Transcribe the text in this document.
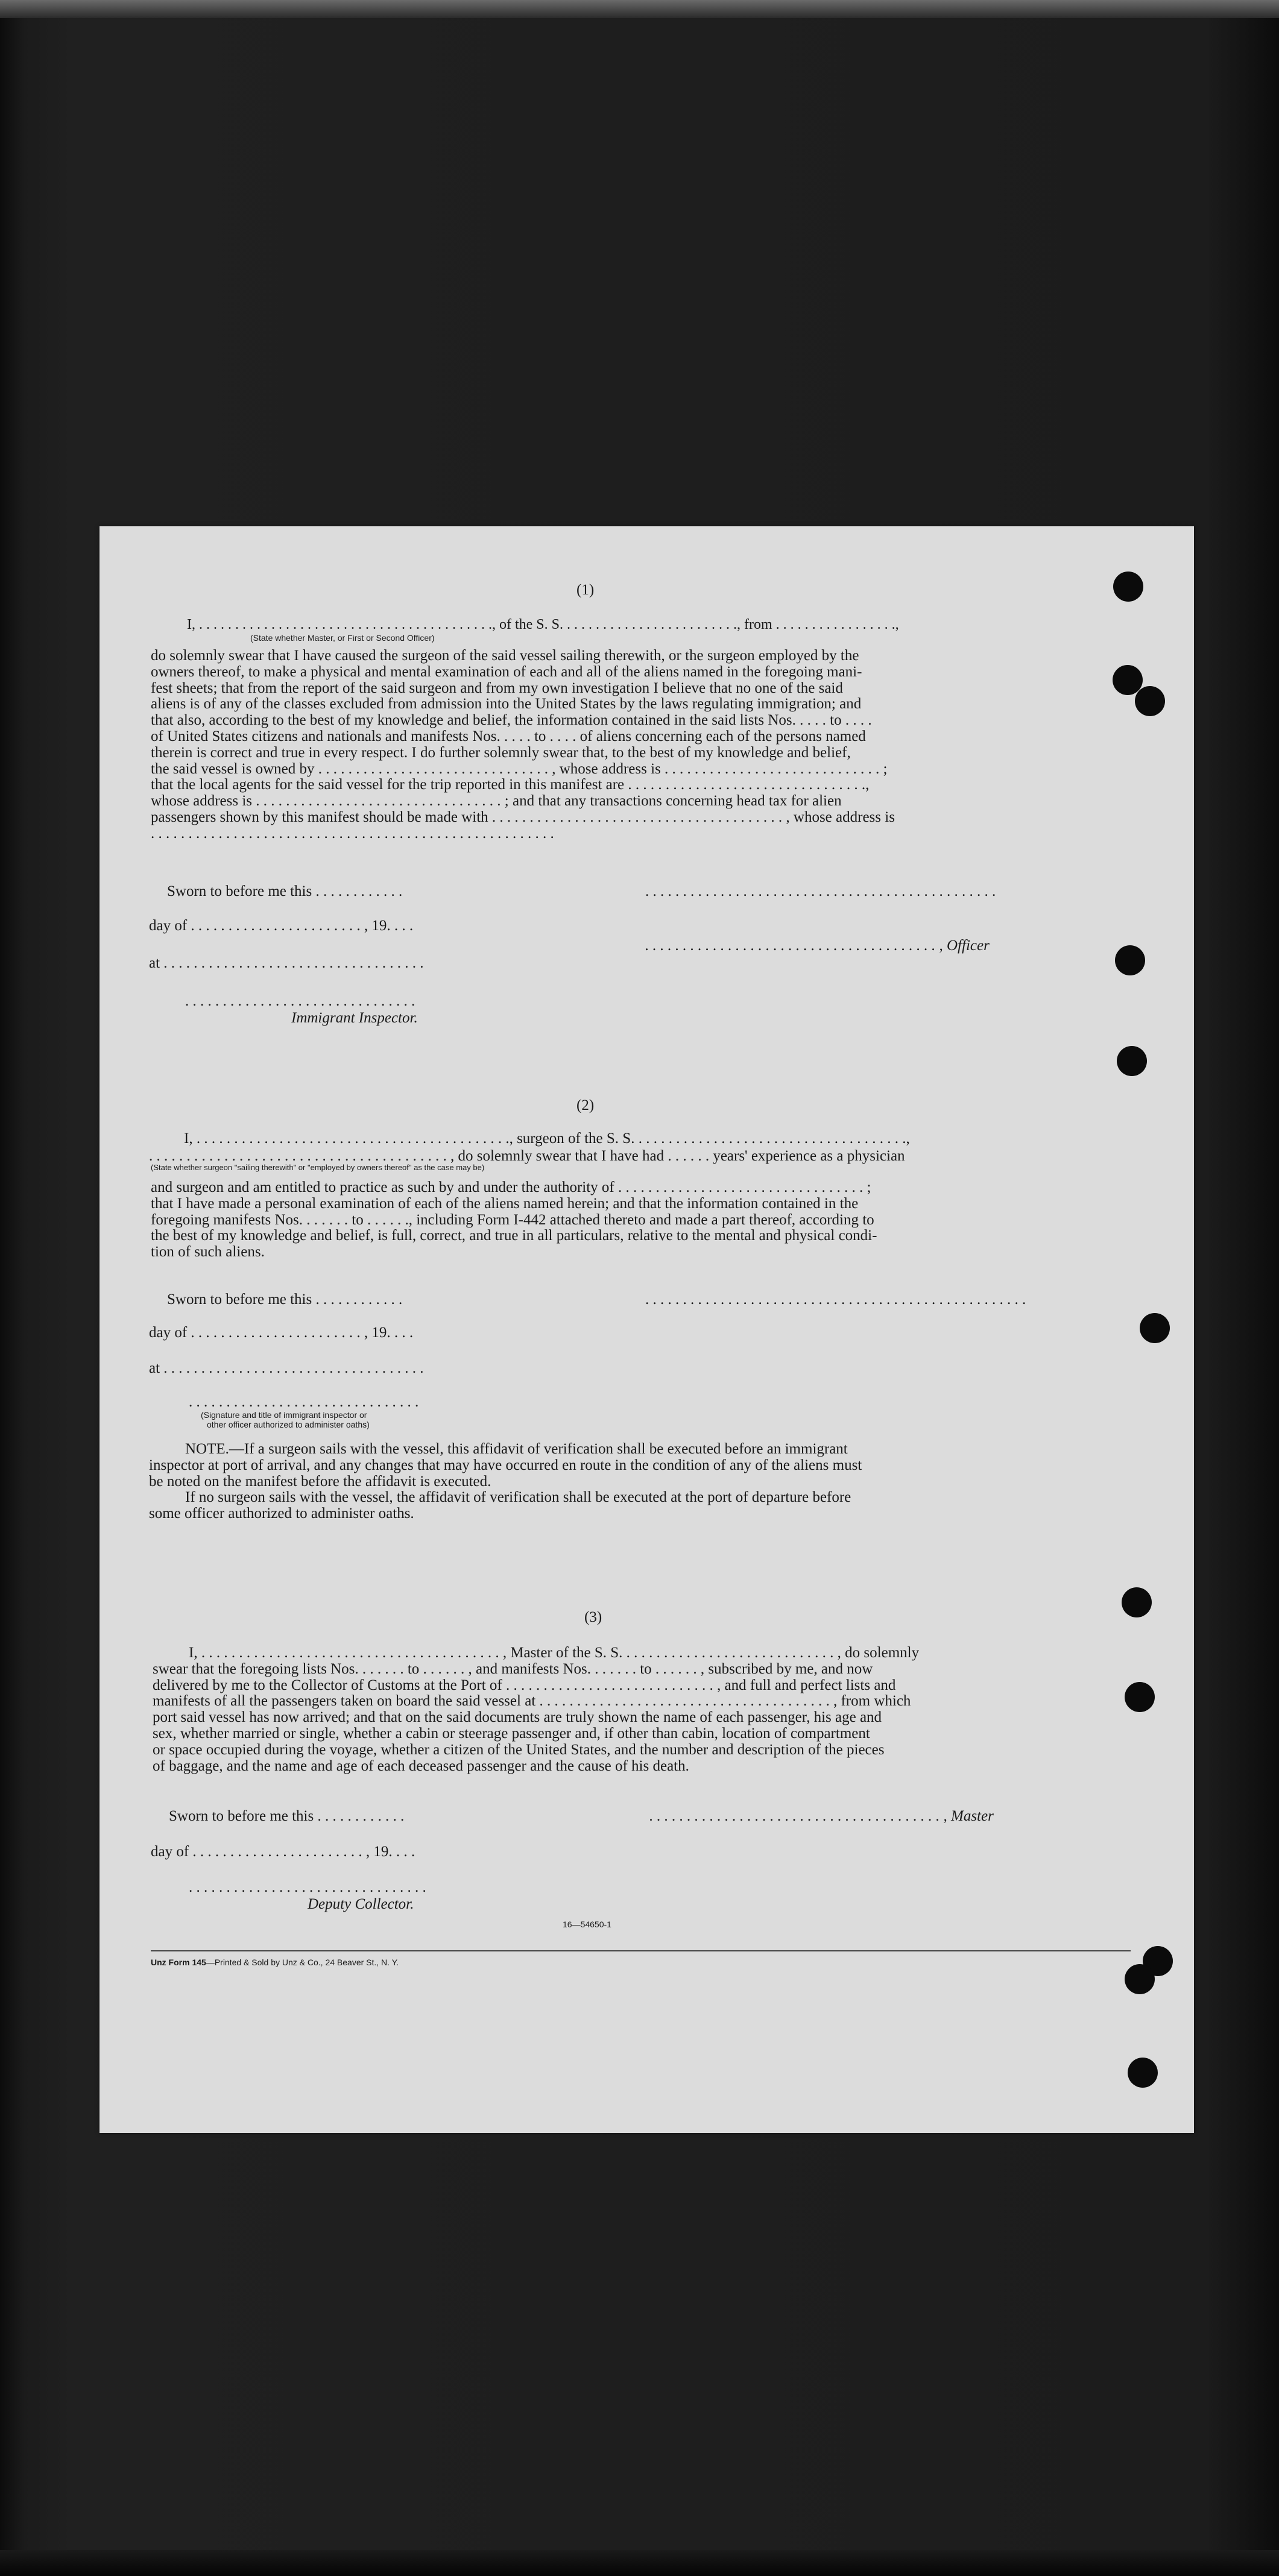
(1)
I, . . . . . . . . . . . . . . . . . . . . . . . . . . . . . . . . . . . . . . . . ., of the S. S. . . . . . . . . . . . . . . . . . . . . . . . ., from . . . . . . . . . . . . . . . . .,
(State whether Master, or First or Second Officer)
do solemnly swear that I have caused the surgeon of the said vessel sailing therewith, or the surgeon employed by the
owners thereof, to make a physical and mental examination of each and all of the aliens named in the foregoing mani-
fest sheets; that from the report of the said surgeon and from my own investigation I believe that no one of the said
aliens is of any of the classes excluded from admission into the United States by the laws regulating immigration; and
that also, according to the best of my knowledge and belief, the information contained in the said lists Nos. . . . . to . . . .
of United States citizens and nationals and manifests Nos. . . . . to . . . . of aliens concerning each of the persons named
therein is correct and true in every respect. I do further solemnly swear that, to the best of my knowledge and belief,
the said vessel is owned by . . . . . . . . . . . . . . . . . . . . . . . . . . . . . . . , whose address is . . . . . . . . . . . . . . . . . . . . . . . . . . . . . ;
that the local agents for the said vessel for the trip reported in this manifest are . . . . . . . . . . . . . . . . . . . . . . . . . . . . . . . .,
whose address is . . . . . . . . . . . . . . . . . . . . . . . . . . . . . . . . . ; and that any transactions concerning head tax for alien
passengers shown by this manifest should be made with . . . . . . . . . . . . . . . . . . . . . . . . . . . . . . . . . . . . . . . , whose address is
. . . . . . . . . . . . . . . . . . . . . . . . . . . . . . . . . . . . . . . . . . . . . . . . . . . . . .
Sworn to before me this . . . . . . . . . . . .	. . . . . . . . . . . . . . . . . . . . . . . . . . . . . . . . . . . . . . . . . . . . . . .
day of . . . . . . . . . . . . . . . . . . . . . . . , 19. . . .
. . . . . . . . . . . . . . . . . . . . . . . . . . . . . . . . . . . . . . . , Officer
at . . . . . . . . . . . . . . . . . . . . . . . . . . . . . . . . . . .
. . . . . . . . . . . . . . . . . . . . . . . . . . . . . . .
Immigrant Inspector.
(2)
I, . . . . . . . . . . . . . . . . . . . . . . . . . . . . . . . . . . . . . . . . . ., surgeon of the S. S. . . . . . . . . . . . . . . . . . . . . . . . . . . . . . . . . . . . .,
. . . . . . . . . . . . . . . . . . . . . . . . . . . . . . . . . . . . . . . . , do solemnly swear that I have had . . . . . . years' experience as a physician
(State whether surgeon "sailing therewith" or "employed by owners thereof" as the case may be)
and surgeon and am entitled to practice as such by and under the authority of . . . . . . . . . . . . . . . . . . . . . . . . . . . . . . . . . ;
that I have made a personal examination of each of the aliens named herein; and that the information contained in the
foregoing manifests Nos. . . . . . . to . . . . . ., including Form I-442 attached thereto and made a part thereof, according to
the best of my knowledge and belief, is full, correct, and true in all particulars, relative to the mental and physical condi-
tion of such aliens.
Sworn to before me this . . . . . . . . . . . .	. . . . . . . . . . . . . . . . . . . . . . . . . . . . . . . . . . . . . . . . . . . . . . . . . . .
day of . . . . . . . . . . . . . . . . . . . . . . . , 19. . . .
at . . . . . . . . . . . . . . . . . . . . . . . . . . . . . . . . . . .
. . . . . . . . . . . . . . . . . . . . . . . . . . . . . . .
(Signature and title of immigrant inspector or
other officer authorized to administer oaths)
NOTE.—If a surgeon sails with the vessel, this affidavit of verification shall be executed before an immigrant
inspector at port of arrival, and any changes that may have occurred en route in the condition of any of the aliens must
be noted on the manifest before the affidavit is executed.
If no surgeon sails with the vessel, the affidavit of verification shall be executed at the port of departure before
some officer authorized to administer oaths.
(3)
I, . . . . . . . . . . . . . . . . . . . . . . . . . . . . . . . . . . . . . . . . , Master of the S. S. . . . . . . . . . . . . . . . . . . . . . . . . . . . . , do solemnly
swear that the foregoing lists Nos. . . . . . . to . . . . . . , and manifests Nos. . . . . . . to . . . . . . , subscribed by me, and now
delivered by me to the Collector of Customs at the Port of . . . . . . . . . . . . . . . . . . . . . . . . . . . . , and full and perfect lists and
manifests of all the passengers taken on board the said vessel at . . . . . . . . . . . . . . . . . . . . . . . . . . . . . . . . . . . . . . . , from which
port said vessel has now arrived; and that on the said documents are truly shown the name of each passenger, his age and
sex, whether married or single, whether a cabin or steerage passenger and, if other than cabin, location of compartment
or space occupied during the voyage, whether a citizen of the United States, and the number and description of the pieces
of baggage, and the name and age of each deceased passenger and the cause of his death.
Sworn to before me this . . . . . . . . . . . .	. . . . . . . . . . . . . . . . . . . . . . . . . . . . . . . . . . . . . . . , Master
day of . . . . . . . . . . . . . . . . . . . . . . . , 19. . . .
. . . . . . . . . . . . . . . . . . . . . . . . . . . . . . . .
Deputy Collector.
16—54650-1
Unz Form 145—Printed & Sold by Unz & Co., 24 Beaver St., N. Y.
